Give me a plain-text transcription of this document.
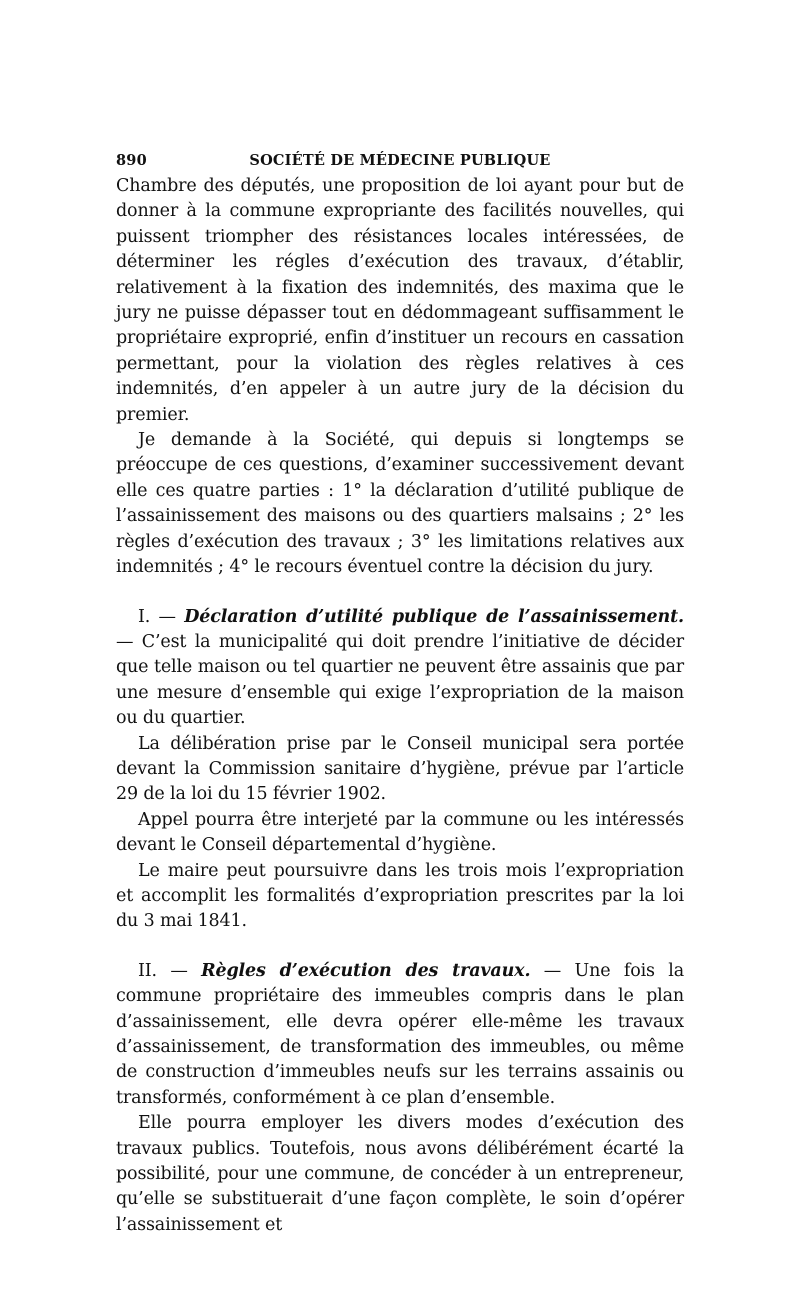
890	SOCIÉTÉ DE MÉDECINE PUBLIQUE

Chambre des députés, une proposition de loi ayant pour but de donner à la commune expropriante des facilités nouvelles, qui puissent triompher des résistances locales intéressées, de déterminer les régles d’exécution des travaux, d’établir, relativement à la fixation des indemnités, des maxima que le jury ne puisse dépasser tout en dédommageant suffisamment le propriétaire exproprié, enfin d’instituer un recours en cassation permettant, pour la violation des règles relatives à ces indemnités, d’en appeler à un autre jury de la décision du premier.

Je demande à la Société, qui depuis si longtemps se préoccupe de ces questions, d’examiner successivement devant elle ces quatre parties : 1° la déclaration d’utilité publique de l’assainissement des maisons ou des quartiers malsains ; 2° les règles d’exécution des travaux ; 3° les limitations relatives aux indemnités ; 4° le recours éventuel contre la décision du jury.

I. — Déclaration d’utilité publique de l’assainissement. — C’est la municipalité qui doit prendre l’initiative de décider que telle maison ou tel quartier ne peuvent être assainis que par une mesure d’ensemble qui exige l’expropriation de la maison ou du quartier.

La délibération prise par le Conseil municipal sera portée devant la Commission sanitaire d’hygiène, prévue par l’article 29 de la loi du 15 février 1902.

Appel pourra être interjeté par la commune ou les intéressés devant le Conseil départemental d’hygiène.

Le maire peut poursuivre dans les trois mois l’expropriation et accomplit les formalités d’expropriation prescrites par la loi du 3 mai 1841.

II. — Règles d’exécution des travaux. — Une fois la commune propriétaire des immeubles compris dans le plan d’assainissement, elle devra opérer elle-même les travaux d’assainissement, de transformation des immeubles, ou même de construction d’immeubles neufs sur les terrains assainis ou transformés, conformément à ce plan d’ensemble.

Elle pourra employer les divers modes d’exécution des travaux publics. Toutefois, nous avons délibérément écarté la possibilité, pour une commune, de concéder à un entrepreneur, qu’elle se substituerait d’une façon complète, le soin d’opérer l’assainissement et
